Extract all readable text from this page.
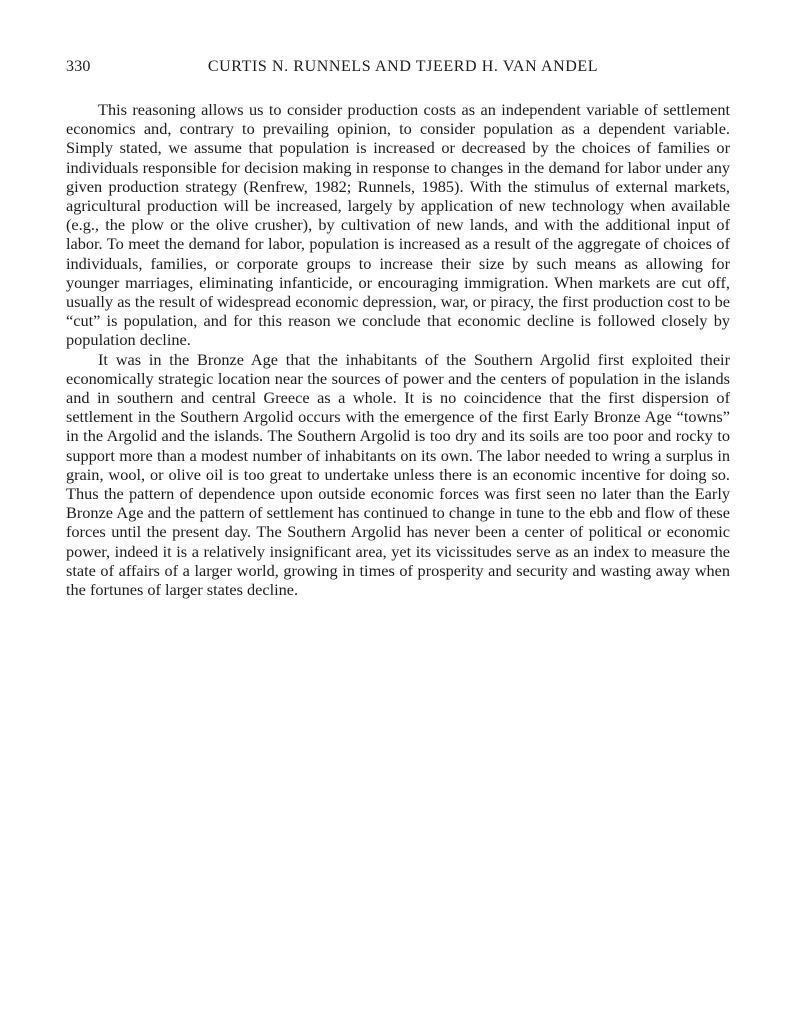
330	CURTIS N. RUNNELS AND TJEERD H. VAN ANDEL

This reasoning allows us to consider production costs as an independent variable of settlement economics and, contrary to prevailing opinion, to consider population as a dependent variable. Simply stated, we assume that population is increased or decreased by the choices of families or individuals responsible for decision making in response to changes in the demand for labor under any given production strategy (Renfrew, 1982; Runnels, 1985). With the stimulus of external markets, agricultural production will be increased, largely by application of new technology when available (e.g., the plow or the olive crusher), by cultivation of new lands, and with the additional input of labor. To meet the demand for labor, population is increased as a result of the aggregate of choices of individuals, families, or corporate groups to increase their size by such means as allowing for younger marriages, eliminating infanticide, or encouraging immigration. When markets are cut off, usually as the result of widespread economic depression, war, or piracy, the first production cost to be “cut” is population, and for this reason we conclude that economic decline is followed closely by population decline.

It was in the Bronze Age that the inhabitants of the Southern Argolid first exploited their economically strategic location near the sources of power and the centers of population in the islands and in southern and central Greece as a whole. It is no coincidence that the first dispersion of settlement in the Southern Argolid occurs with the emergence of the first Early Bronze Age “towns” in the Argolid and the islands. The Southern Argolid is too dry and its soils are too poor and rocky to support more than a modest number of inhabitants on its own. The labor needed to wring a surplus in grain, wool, or olive oil is too great to undertake unless there is an economic incentive for doing so. Thus the pattern of dependence upon outside economic forces was first seen no later than the Early Bronze Age and the pattern of settlement has continued to change in tune to the ebb and flow of these forces until the present day. The Southern Argolid has never been a center of political or economic power, indeed it is a relatively insignificant area, yet its vicissitudes serve as an index to measure the state of affairs of a larger world, growing in times of prosperity and security and wasting away when the fortunes of larger states decline.
